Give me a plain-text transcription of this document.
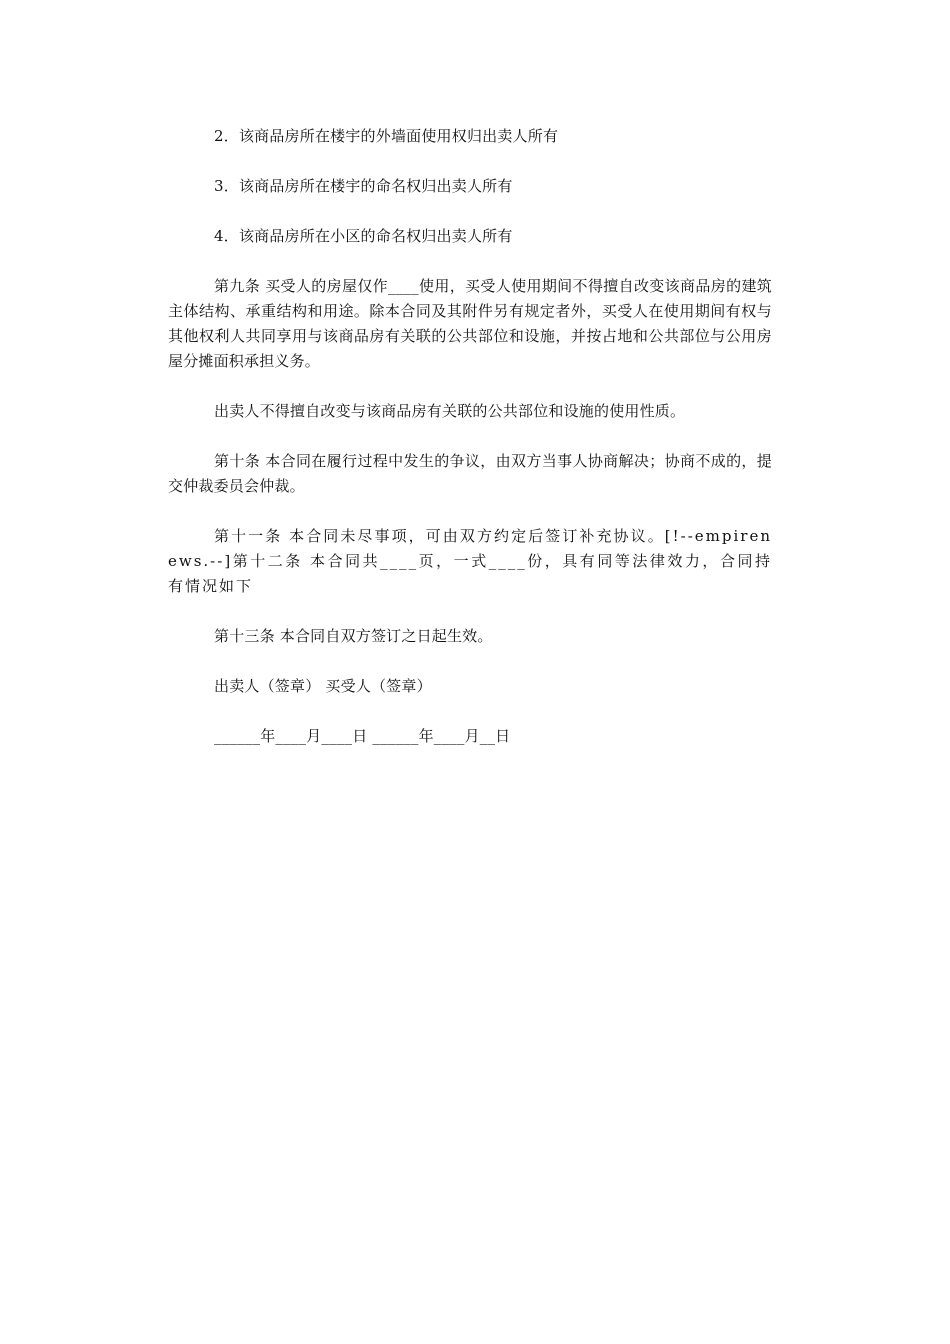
2．该商品房所在楼宇的外墙面使用权归出卖人所有

3．该商品房所在楼宇的命名权归出卖人所有

4．该商品房所在小区的命名权归出卖人所有

第九条 买受人的房屋仅作____使用，买受人使用期间不得擅自改变该商品房的建筑主体结构、承重结构和用途。除本合同及其附件另有规定者外，买受人在使用期间有权与其他权利人共同享用与该商品房有关联的公共部位和设施，并按占地和公共部位与公用房屋分摊面积承担义务。

出卖人不得擅自改变与该商品房有关联的公共部位和设施的使用性质。

第十条 本合同在履行过程中发生的争议，由双方当事人协商解决；协商不成的，提交仲裁委员会仲裁。

第十一条 本合同未尽事项，可由双方约定后签订补充协议。[!--empirenews.--]第十二条 本合同共____页，一式____份，具有同等法律效力，合同持有情况如下

第十三条 本合同自双方签订之日起生效。

出卖人（签章） 买受人（签章）

______年____月____日 ______年____月__日
